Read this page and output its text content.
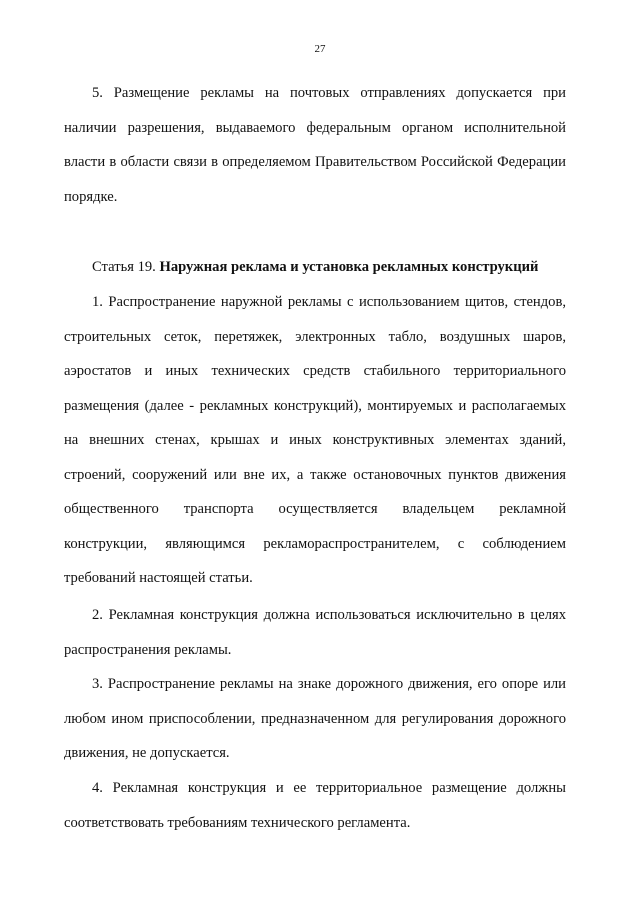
27

5. Размещение рекламы на почтовых отправлениях допускается при наличии разрешения, выдаваемого федеральным органом исполнительной власти в области связи в определяемом Правительством Российской Федерации порядке.

Статья 19. Наружная реклама и установка рекламных конструкций

1. Распространение наружной рекламы с использованием щитов, стендов, строительных сеток, перетяжек, электронных табло, воздушных шаров, аэростатов и иных технических средств стабильного территориального размещения (далее - рекламных конструкций), монтируемых и располагаемых на внешних стенах, крышах и иных конструктивных элементах зданий, строений, сооружений или вне их, а также остановочных пунктов движения общественного транспорта осуществляется владельцем рекламной конструкции, являющимся рекламораспространителем, с соблюдением требований настоящей статьи.

2. Рекламная конструкция должна использоваться исключительно в целях распространения рекламы.

3. Распространение рекламы на знаке дорожного движения, его опоре или любом ином приспособлении, предназначенном для регулирования дорожного движения, не допускается.

4. Рекламная конструкция и ее территориальное размещение должны соответствовать требованиям технического регламента.
